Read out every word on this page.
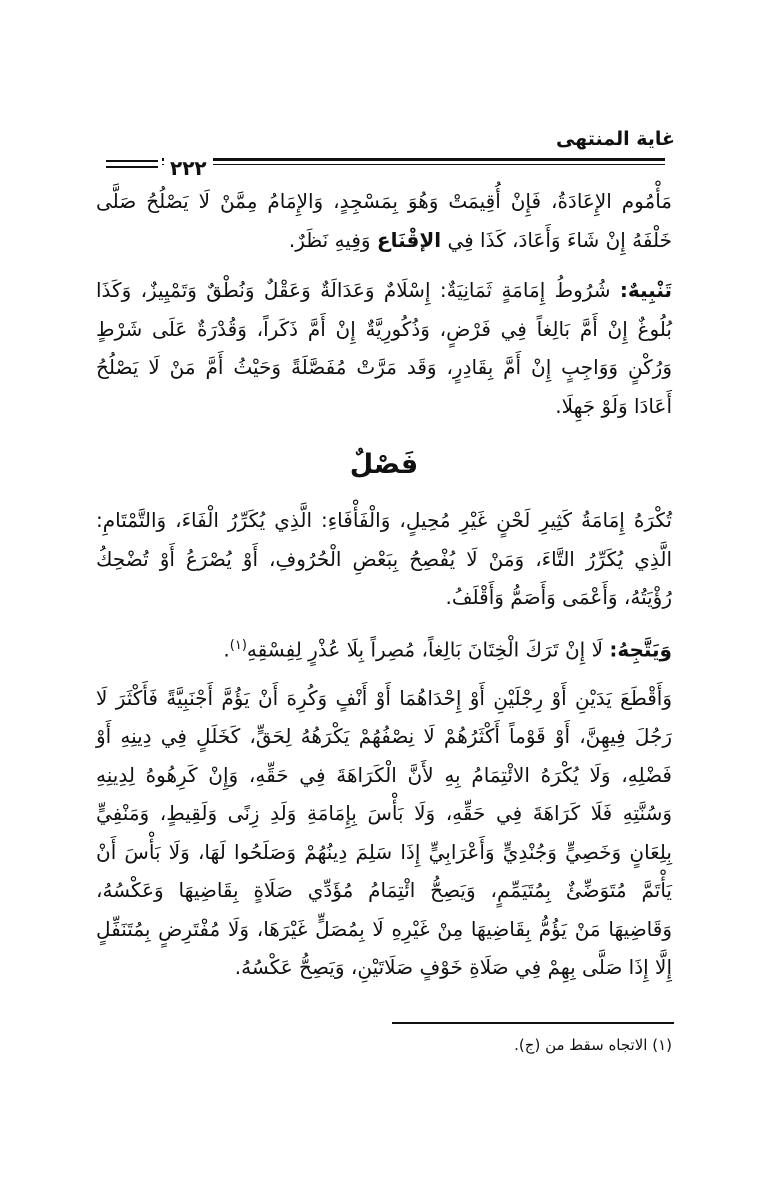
غاية المنتهى
٢٢٢

مَأْمُوم الإِعَادَةُ، فَإِنْ أُقِيمَتْ وَهُوَ بِمَسْجِدٍ، وَالإِمَامُ مِمَّنْ لَا يَصْلُحُ صَلَّى خَلْفَهُ إِنْ شَاءَ وَأَعَادَ، كَذَا فِي الإقْنَاع وَفِيهِ نَظَرٌ.

تَنْبِيهٌ: شُرُوطُ إِمَامَةٍ ثَمَانِيَةٌ: إِسْلَامٌ وَعَدَالَةٌ وَعَقْلٌ وَنُطْقٌ وَتَمْيِيزٌ، وَكَذَا بُلُوغٌ إِنْ أَمَّ بَالِغاً فِي فَرْضٍ، وَذُكُورِيَّةٌ إِنْ أَمَّ ذَكَراً، وَقُدْرَةٌ عَلَى شَرْطٍ وَرُكْنٍ وَوَاجِبٍ إِنْ أَمَّ بِقَادِرٍ، وَقَد مَرَّتْ مُفَصَّلَةً وَحَيْثُ أَمَّ مَنْ لَا يَصْلُحُ أَعَادَا وَلَوْ جَهِلَا.

فَصْلٌ

تُكْرَهُ إِمَامَةُ كَثِيرِ لَحْنٍ غَيْرِ مُحِيلٍ، وَالْفَأْفَاءِ: الَّذِي يُكَرِّرُ الْفَاءَ، وَالتَّمْتَامِ: الَّذِي يُكَرِّرُ التَّاءَ، وَمَنْ لَا يُفْصِحُ بِبَعْضِ الْحُرُوفِ، أَوْ يُصْرَعُ أَوْ تُضْحِكُ رُؤْيَتُهُ، وَأَعْمَى وَأَصَمُّ وَأَقْلَفُ.

وَيَتَّجِهُ: لَا إِنْ تَرَكَ الْخِتَانَ بَالِغاً، مُصِراً بِلَا عُذْرٍ لِفِسْقِهِ$^{(١)}$.

وَأَقْطَعَ يَدَيْنِ أَوْ رِجْلَيْنِ أَوْ إِحْدَاهُمَا أَوْ أَنْفٍ وَكُرِهَ أَنْ يَؤُمَّ أَجْنَبِيَّةً فَأَكْثَرَ لَا رَجُلَ فِيهِنَّ، أَوْ قَوْماً أَكْثَرُهُمْ لَا نِصْفُهُمْ يَكْرَهُهُ لِحَقٍّ، كَخَلَلٍ فِي دِينِهِ أَوْ فَضْلِهِ، وَلَا يُكْرَهُ الائْتِمَامُ بِهِ لأَنَّ الْكَرَاهَةَ فِي حَقِّهِ، وَإِنْ كَرِهُوهُ لِدِينِهِ وَسُنَّتِهِ فَلَا كَرَاهَةَ فِي حَقِّهِ، وَلَا بَأْسَ بِإِمَامَةِ وَلَدِ زِنًى وَلَقِيطٍ، وَمَنْفِيٍّ بِلِعَانٍ وَخَصِيٍّ وَجُنْدِيٍّ وَأَعْرَابِيٍّ إِذَا سَلِمَ دِينُهُمْ وَصَلَحُوا لَهَا، وَلَا بَأْسَ أَنْ يَأْتَمَّ مُتَوَضِّئٌ بِمُتَيَمِّمٍ، وَيَصِحُّ ائْتِمَامُ مُؤَدِّي صَلَاةٍ بِقَاضِيهَا وَعَكْسُهُ، وَقَاضِيهَا مَنْ يَؤُمُّ بِقَاضِيهَا مِنْ غَيْرِهِ لَا بِمُصَلٍّ غَيْرَهَا، وَلَا مُفْتَرِضٍ بِمُتَنَفِّلٍ إِلَّا إِذَا صَلَّى بِهِمْ فِي صَلَاةِ خَوْفٍ صَلَاتَيْنِ، وَيَصِحُّ عَكْسُهُ.

(١) الاتجاه سقط من (ج).
